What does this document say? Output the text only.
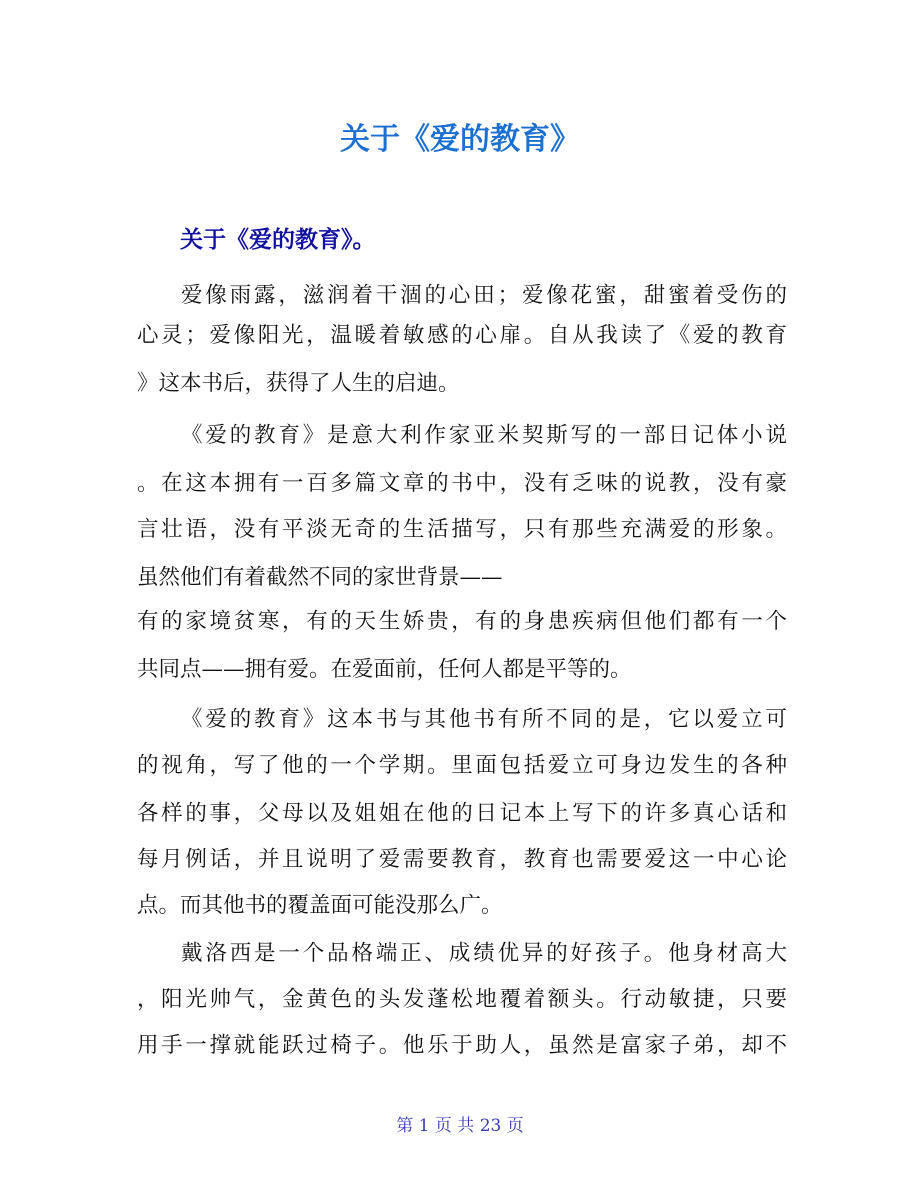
关于《爱的教育》

关于《爱的教育》。

爱像雨露，滋润着干涸的心田；爱像花蜜，甜蜜着受伤的

心灵；爱像阳光，温暖着敏感的心扉。自从我读了《爱的教育

》这本书后，获得了人生的启迪。

《爱的教育》是意大利作家亚米契斯写的一部日记体小说

。在这本拥有一百多篇文章的书中，没有乏味的说教，没有豪

言壮语，没有平淡无奇的生活描写，只有那些充满爱的形象。

虽然他们有着截然不同的家世背景——

有的家境贫寒，有的天生娇贵，有的身患疾病但他们都有一个

共同点——拥有爱。在爱面前，任何人都是平等的。

《爱的教育》这本书与其他书有所不同的是，它以爱立可

的视角，写了他的一个学期。里面包括爱立可身边发生的各种

各样的事，父母以及姐姐在他的日记本上写下的许多真心话和

每月例话，并且说明了爱需要教育，教育也需要爱这一中心论

点。而其他书的覆盖面可能没那么广。

戴洛西是一个品格端正、成绩优异的好孩子。他身材高大

，阳光帅气，金黄色的头发蓬松地覆着额头。行动敏捷，只要

用手一撑就能跃过椅子。他乐于助人，虽然是富家子弟，却不

第 1 页 共 23 页
